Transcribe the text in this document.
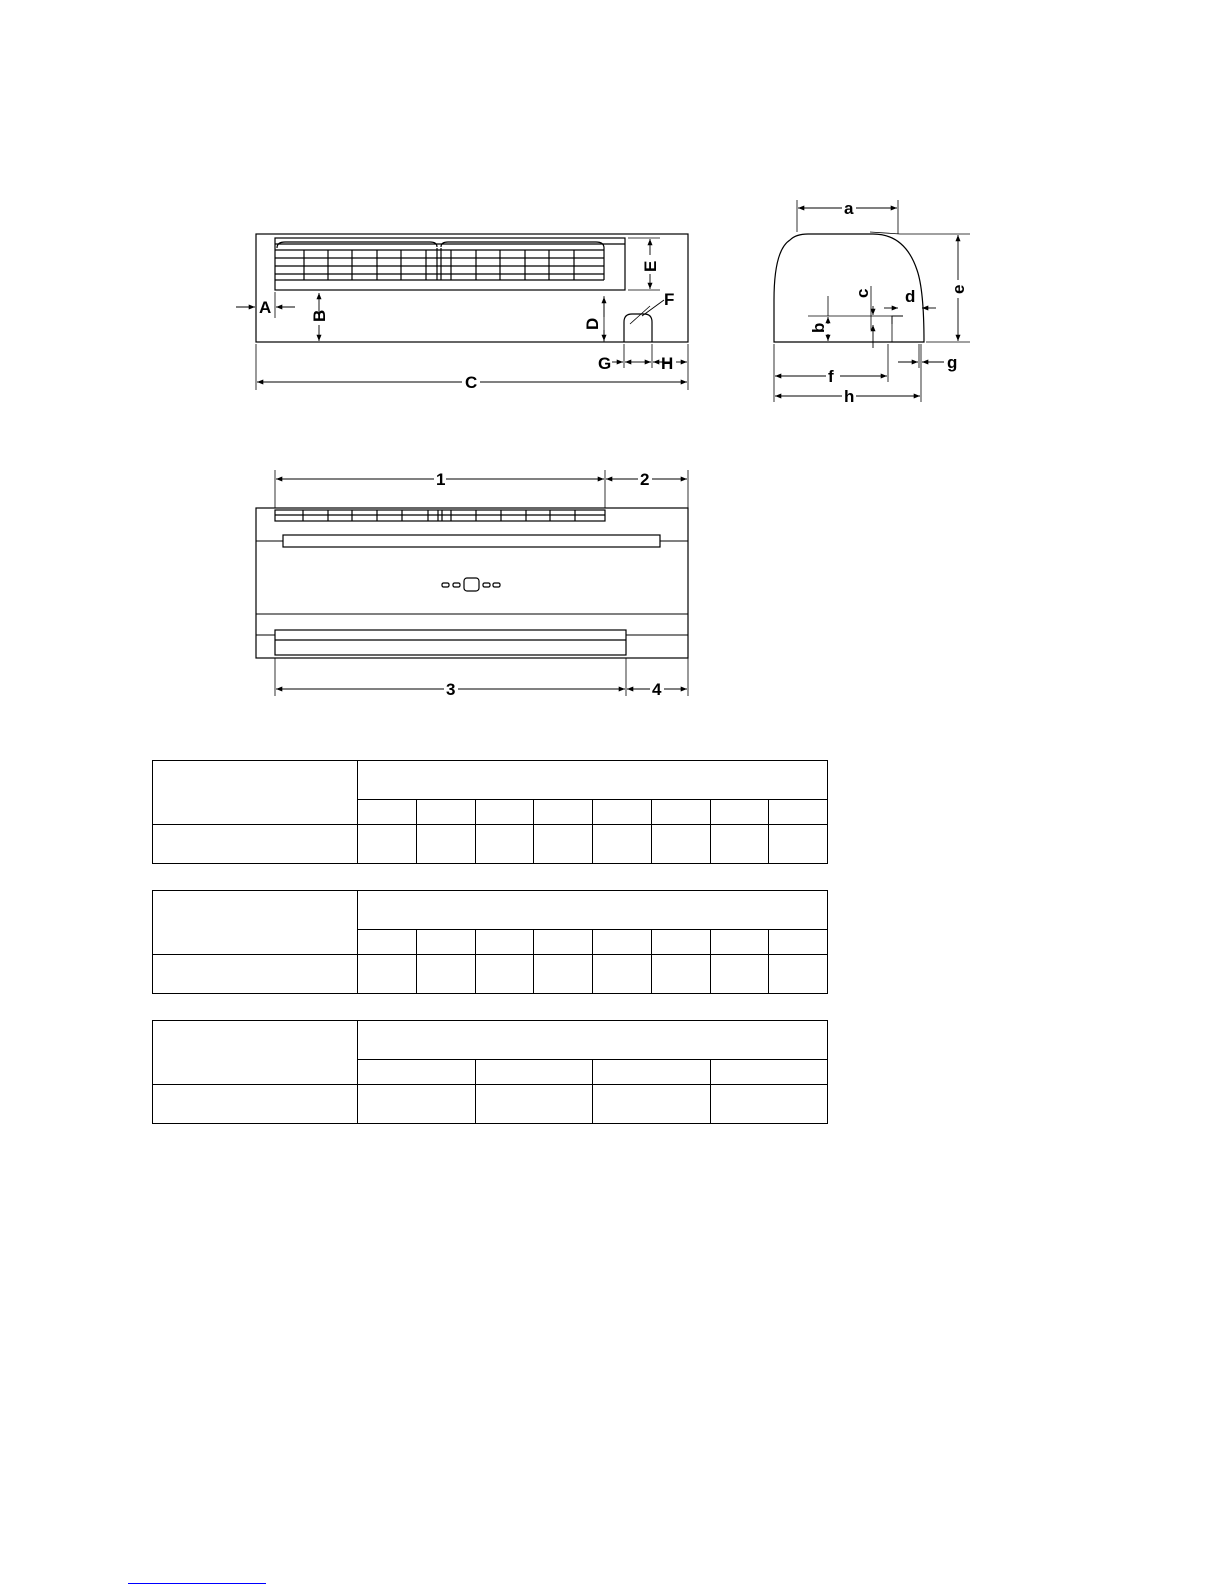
A B
C
D
E
F
G	H
a
b
c d e
f
g
h
1	2
3	4
